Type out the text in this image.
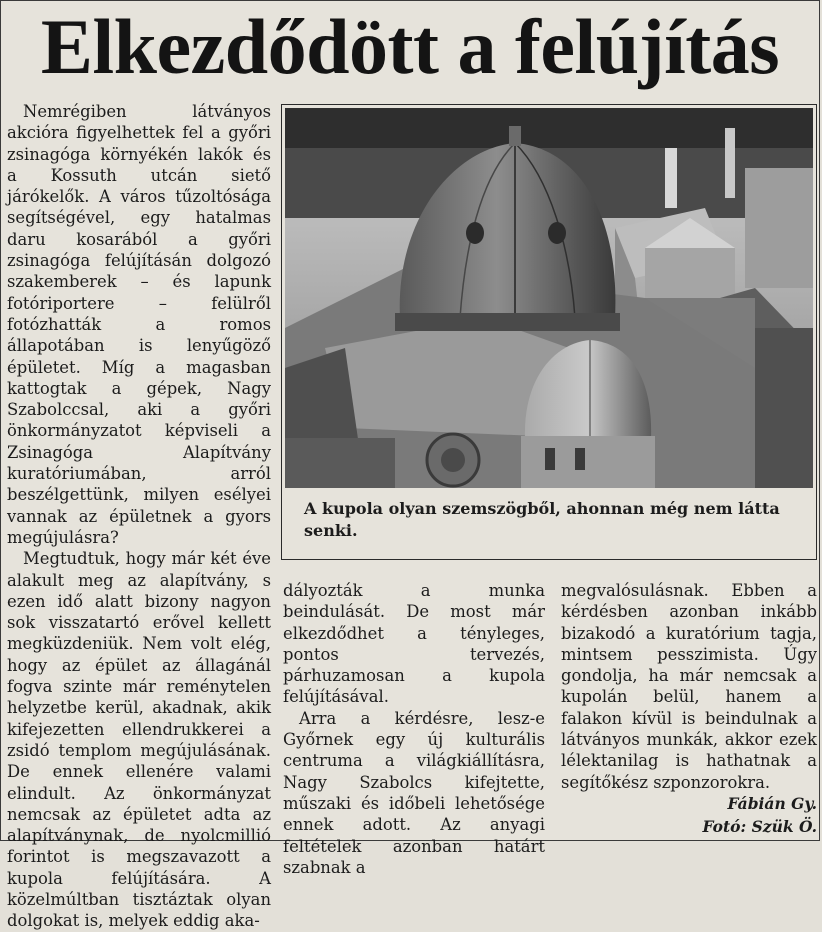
Elkezdődött a felújítás

Nemrégiben látványos akcióra figyelhettek fel a győri zsinagóga környékén lakók és a Kossuth utcán siető járókelők. A város tűzoltósága segítségével, egy hatalmas daru kosarából a győri zsinagóga felújításán dolgozó szakemberek – és lapunk fotóriportere – felülről fotózhatták a romos állapotában is lenyűgöző épületet. Míg a magasban kattogtak a gépek, Nagy Szabolccsal, aki a győri önkormányzatot képviseli a Zsinagóga Alapítvány kuratóriumában, arról beszélgettünk, milyen esélyei vannak az épületnek a gyors megújulásra?

Megtudtuk, hogy már két éve alakult meg az alapítvány, s ezen idő alatt bizony nagyon sok visszatartó erővel kellett megküzdeniük. Nem volt elég, hogy az épület az állagánál fogva szinte már reménytelen helyzetbe kerül, akadnak, akik kifejezetten ellendrukkerei a zsidó templom megújulásának. De ennek ellenére valami elindult. Az önkormányzat nemcsak az épületet adta az alapítványnak, de nyolcmillió forintot is megszavazott a kupola felújítására. A közelmúltban tisztáztak olyan dolgokat is, melyek eddig aka-

A kupola olyan szemszögből, ahonnan még nem látta senki.

dályozták a munka beindulását. De most már elkezdődhet a tényleges, pontos tervezés, párhuzamosan a kupola felújításával.

Arra a kérdésre, lesz-e Győrnek egy új kulturális centruma a világkiállításra, Nagy Szabolcs kifejtette, műszaki és időbeli lehetősége ennek adott. Az anyagi feltételek azonban határt szabnak a

megvalósulásnak. Ebben a kérdésben azonban inkább bizakodó a kuratórium tagja, mintsem pesszimista. Úgy gondolja, ha már nemcsak a kupolán belül, hanem a falakon kívül is beindulnak a látványos munkák, akkor ezek lélektanilag is hathatnak a segítőkész szponzorokra.

Fábián Gy.

Fotó: Szük Ö.
